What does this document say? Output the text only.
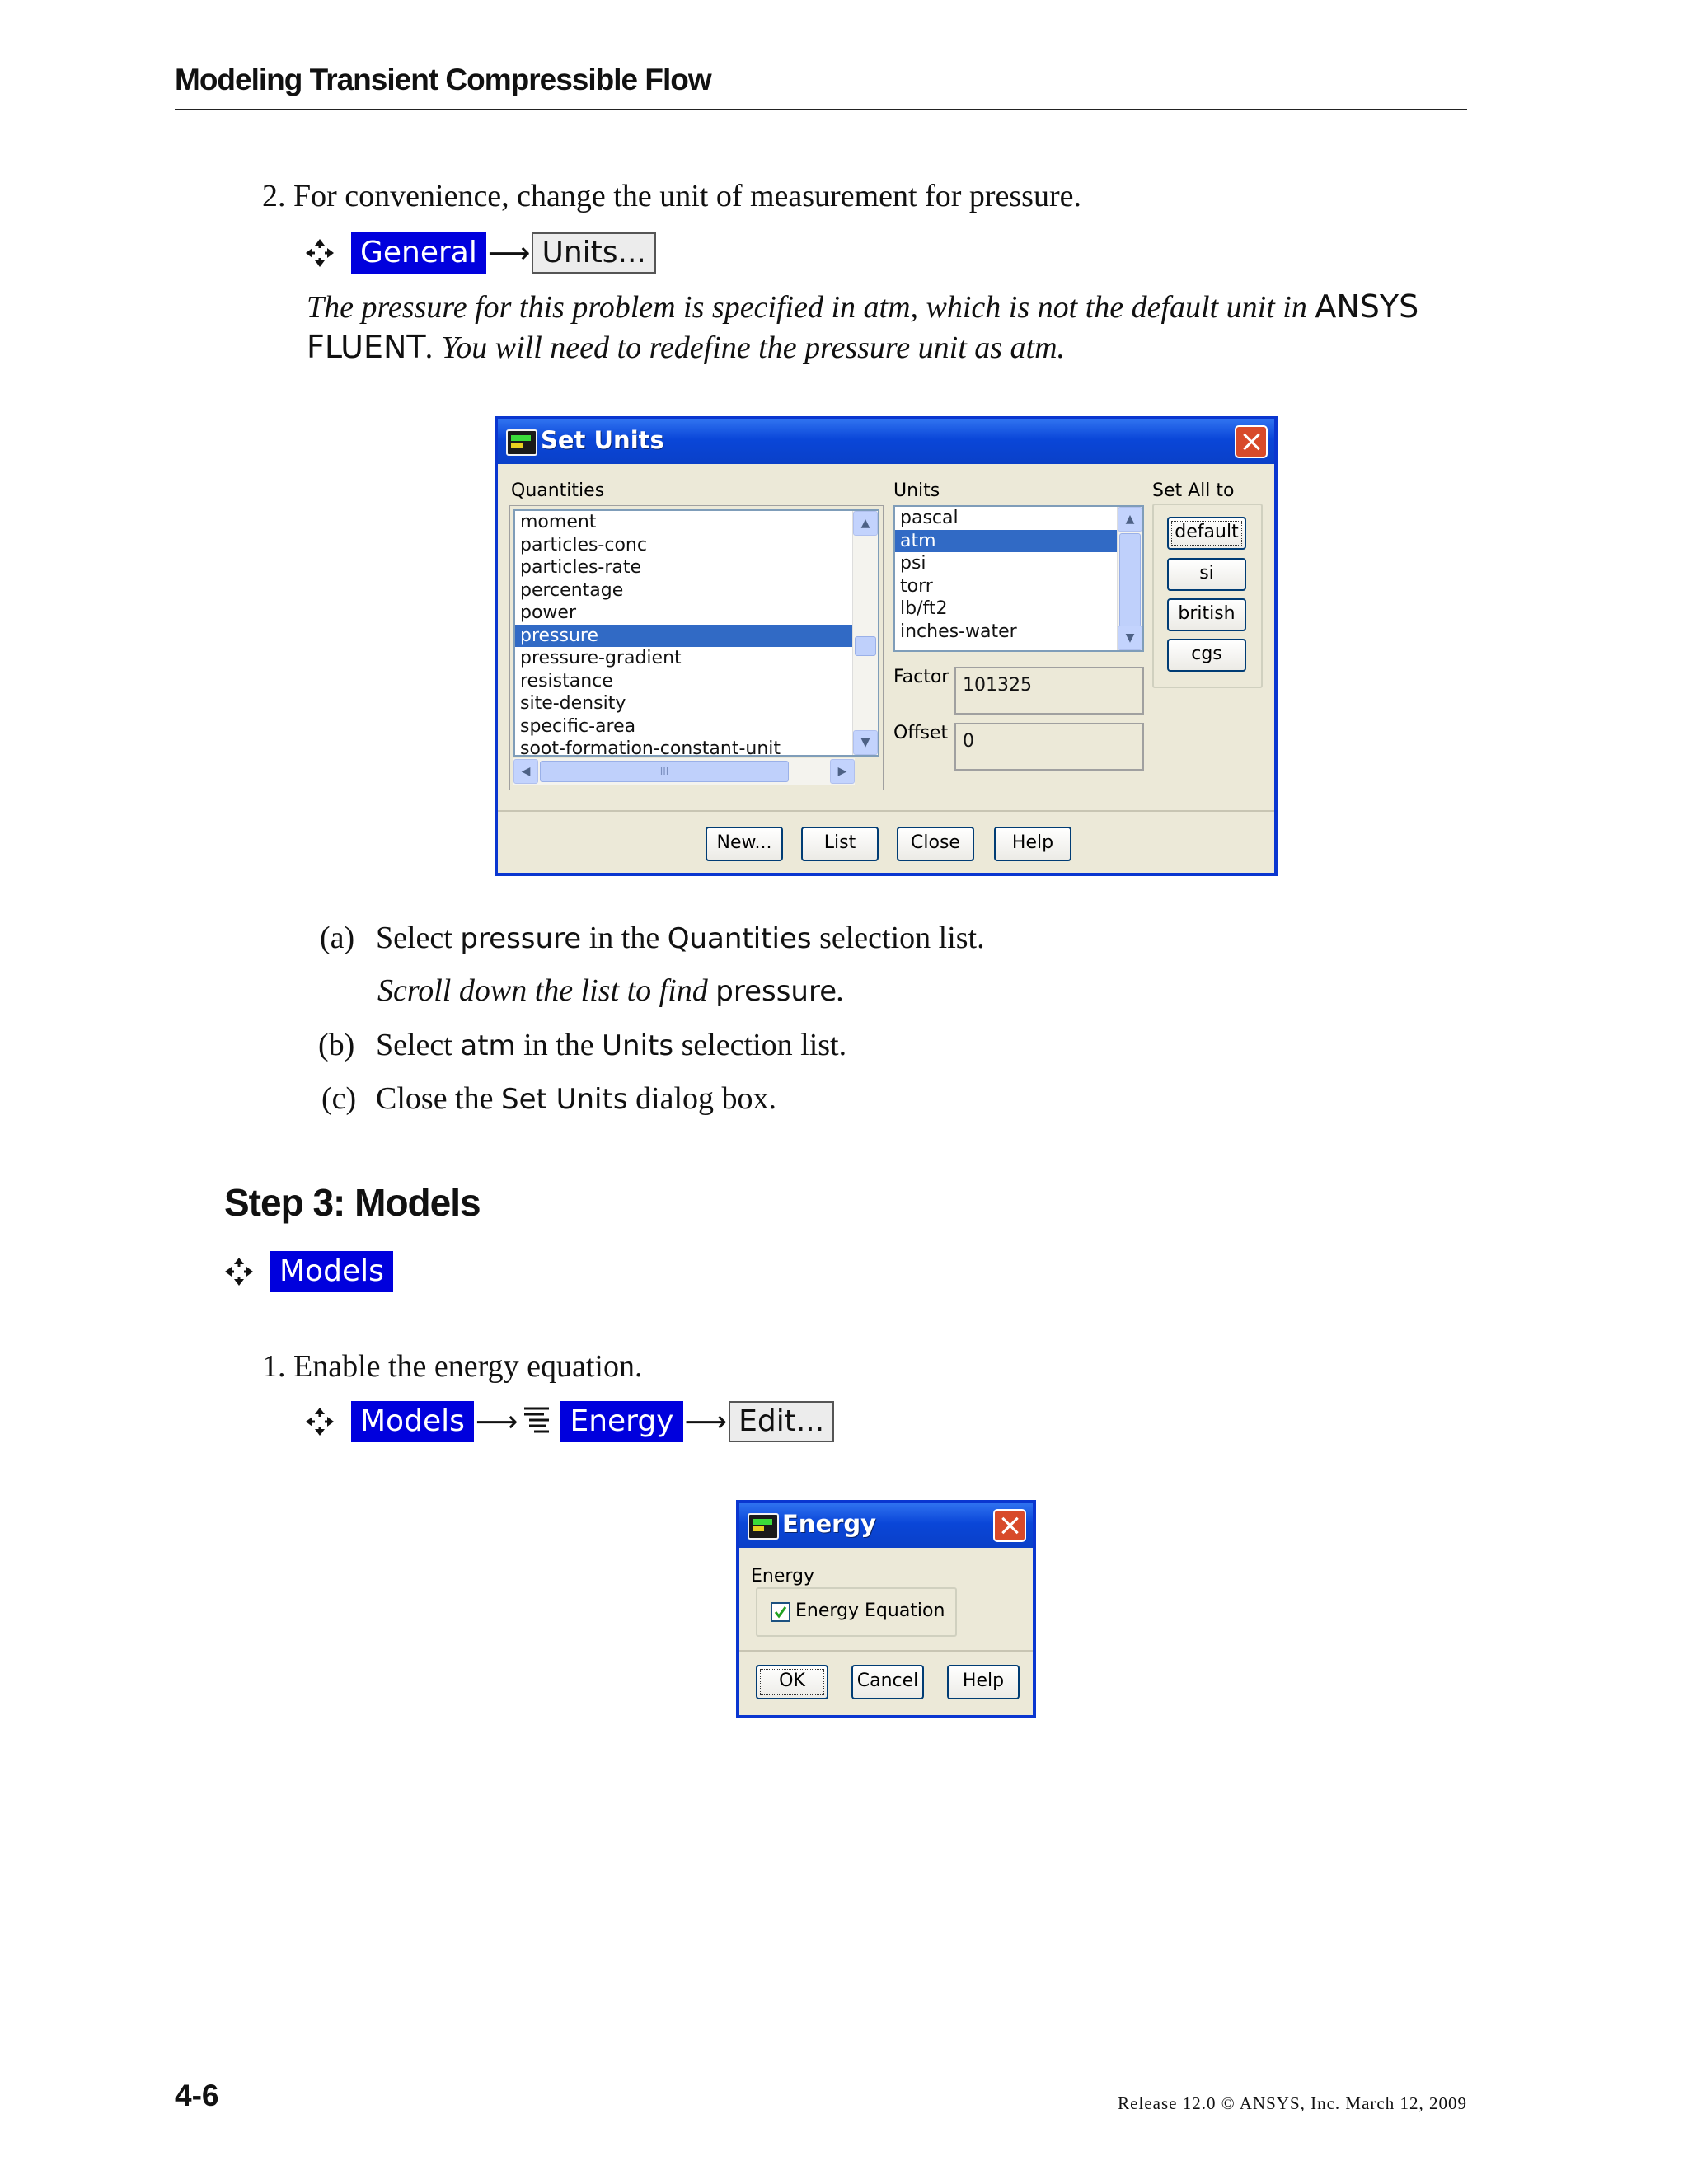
Modeling Transient Compressible Flow
2. For convenience, change the unit of measurement for pressure.
General ⟶ Units...
The pressure for this problem is specified in atm, which is not the default unit in ANSYS FLUENT. You will need to redefine the pressure unit as atm.
Set Units
Quantities
moment
particles-conc
particles-rate
percentage
power
pressure
pressure-gradient
resistance
site-density
specific-area
soot-formation-constant-unit
▲
▼
◀	III	▶
Units
pascal
atm
psi
torr
lb/ft2
inches-water
▲
▼
Factor 101325
Offset 0
Set All to
default
si
british
cgs
New...	List	Close	Help
(a) Select pressure in the Quantities selection list.
Scroll down the list to find pressure.
(b) Select atm in the Units selection list.
(c) Close the Set Units dialog box.
Step 3: Models
Models
1. Enable the energy equation.
Models ⟶	Energy ⟶ Edit...
Energy
Energy
Energy Equation
OK	Cancel	Help
4-6	Release 12.0 © ANSYS, Inc. March 12, 2009
